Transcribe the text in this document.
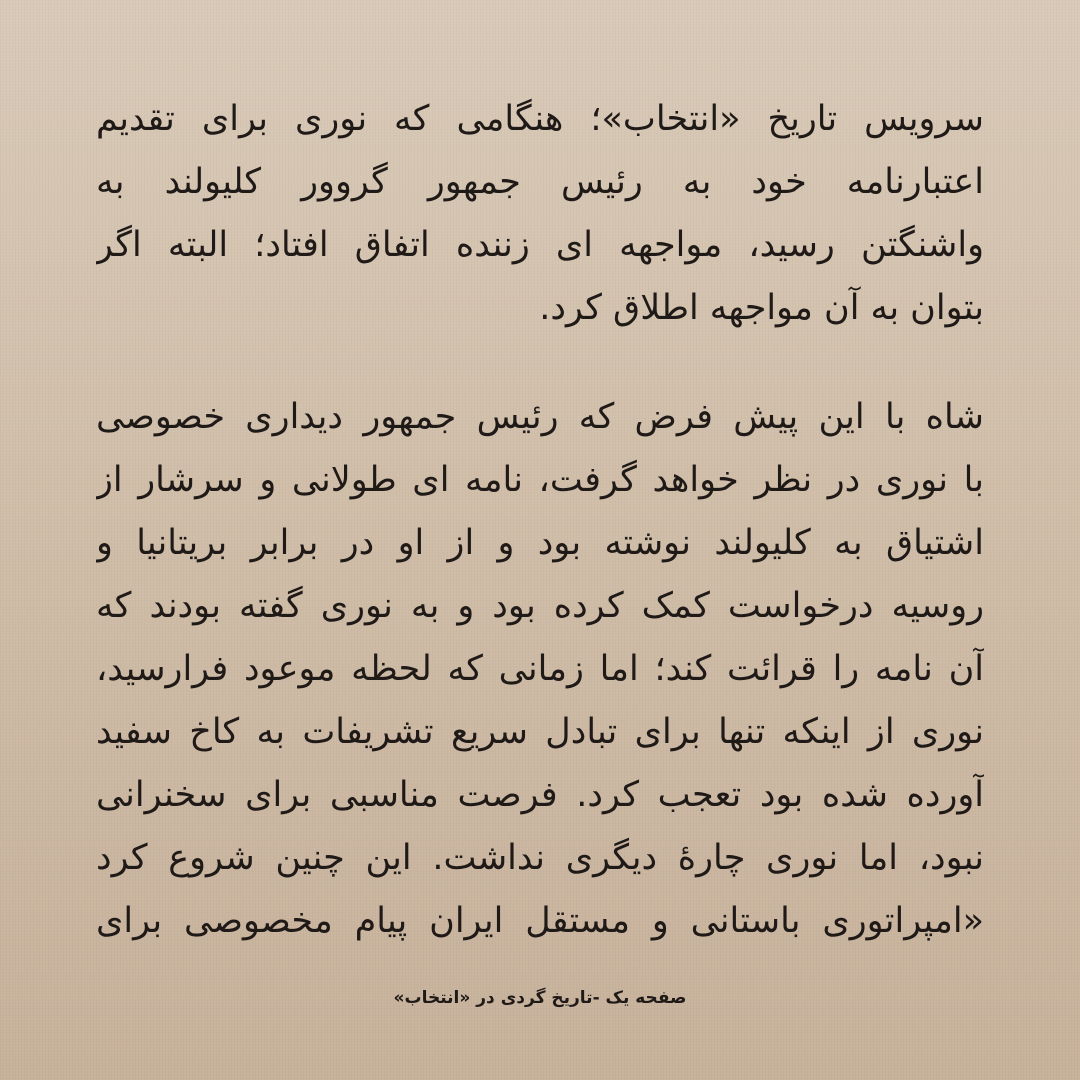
سرویس تاریخ «انتخاب»؛ هنگامی که نوری برای تقدیم
اعتبارنامه خود به رئیس جمهور گروور کلیولند به
واشنگتن رسید، مواجهه ای زننده اتفاق افتاد؛ البته اگر
بتوان به آن مواجهه اطلاق کرد.
شاه با این پیش فرض که رئیس جمهور دیداری خصوصی
با نوری در نظر خواهد گرفت، نامه ای طولانی و سرشار از
اشتیاق به کلیولند نوشته بود و از او در برابر بریتانیا و
روسیه درخواست کمک کرده بود و به نوری گفته بودند که
آن نامه را قرائت کند؛ اما زمانی که لحظه موعود فرارسید،
نوری از اینکه تنها برای تبادل سریع تشریفات به کاخ سفید
آورده شده بود تعجب کرد. فرصت مناسبی برای سخنرانی
نبود، اما نوری چارهٔ دیگری نداشت. این چنین شروع کرد
«امپراتوری باستانی و مستقل ایران پیام مخصوصی برای
صفحه یک -تاریخ گردی در «انتخاب»
